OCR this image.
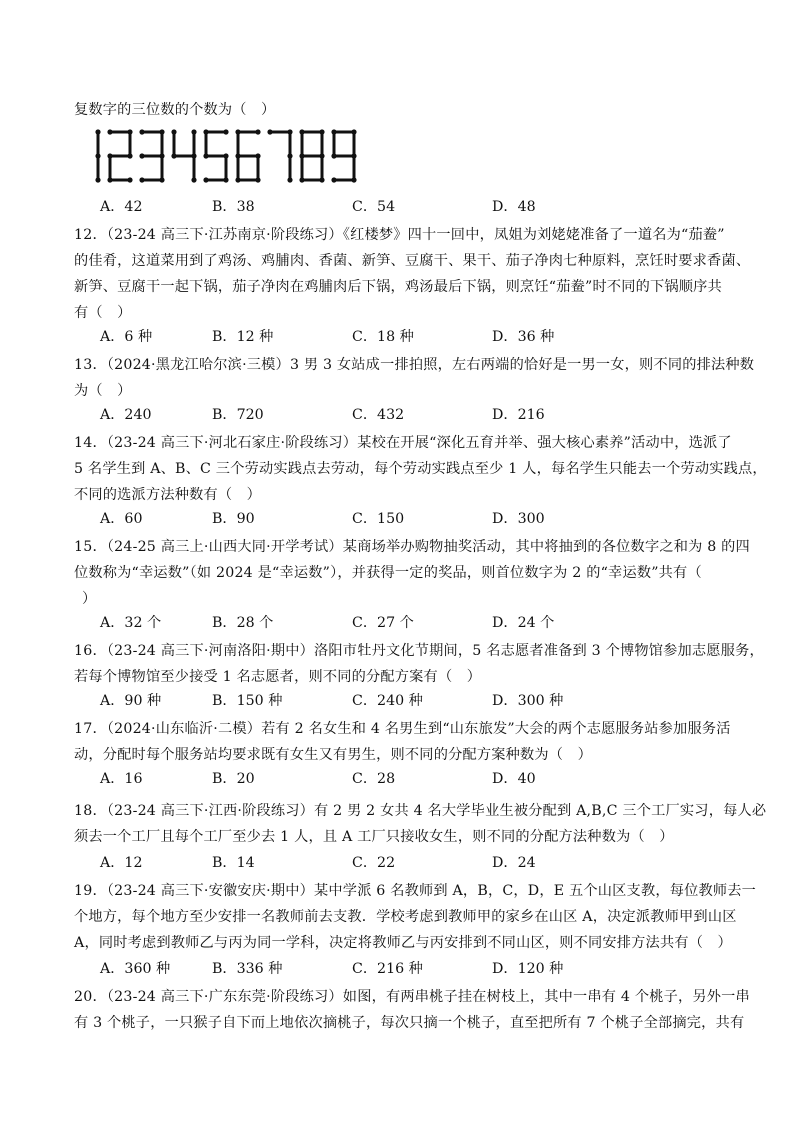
复数字的三位数的个数为（　）
A．42	B．38	C．54	D．48
12．（23-24 高三下·江苏南京·阶段练习）《红楼梦》四十一回中，凤姐为刘姥姥准备了一道名为“茄鲞”
的佳肴，这道菜用到了鸡汤、鸡脯肉、香菌、新笋、豆腐干、果干、茄子净肉七种原料，烹饪时要求香菌、
新笋、豆腐干一起下锅，茄子净肉在鸡脯肉后下锅，鸡汤最后下锅，则烹饪“茄鲞”时不同的下锅顺序共
有（　）
A．6 种	B．12 种	C．18 种	D．36 种
13．（2024·黑龙江哈尔滨·三模）3 男 3 女站成一排拍照，左右两端的恰好是一男一女，则不同的排法种数
为（　）
A．240	B．720	C．432	D．216
14．（23-24 高三下·河北石家庄·阶段练习）某校在开展“深化五育并举、强大核心素养”活动中，选派了
5 名学生到 A、B、C 三个劳动实践点去劳动，每个劳动实践点至少 1 人，每名学生只能去一个劳动实践点，
不同的选派方法种数有（　）
A．60	B．90	C．150	D．300
15．（24-25 高三上·山西大同·开学考试）某商场举办购物抽奖活动，其中将抽到的各位数字之和为 8 的四
位数称为“幸运数”（如 2024 是“幸运数”），并获得一定的奖品，则首位数字为 2 的“幸运数”共有（
）
A．32 个	B．28 个	C．27 个	D．24 个
16．（23-24 高三下·河南洛阳·期中）洛阳市牡丹文化节期间，5 名志愿者准备到 3 个博物馆参加志愿服务，
若每个博物馆至少接受 1 名志愿者，则不同的分配方案有（　）
A．90 种	B．150 种	C．240 种	D．300 种
17．（2024·山东临沂·二模）若有 2 名女生和 4 名男生到“山东旅发”大会的两个志愿服务站参加服务活
动，分配时每个服务站均要求既有女生又有男生，则不同的分配方案种数为（　）
A．16	B．20	C．28	D．40
18．（23-24 高三下·江西·阶段练习）有 2 男 2 女共 4 名大学毕业生被分配到 A,B,C 三个工厂实习，每人必
须去一个工厂且每个工厂至少去 1 人，且 A 工厂只接收女生，则不同的分配方法种数为（　）
A．12	B．14	C．22	D．24
19．（23-24 高三下·安徽安庆·期中）某中学派 6 名教师到 A，B，C，D，E 五个山区支教，每位教师去一
个地方，每个地方至少安排一名教师前去支教．学校考虑到教师甲的家乡在山区 A，决定派教师甲到山区
A，同时考虑到教师乙与丙为同一学科，决定将教师乙与丙安排到不同山区，则不同安排方法共有（　）
A．360 种	B．336 种	C．216 种	D．120 种
20．（23-24 高三下·广东东莞·阶段练习）如图，有两串桃子挂在树枝上，其中一串有 4 个桃子，另外一串
有 3 个桃子，一只猴子自下而上地依次摘桃子，每次只摘一个桃子，直至把所有 7 个桃子全部摘完，共有
